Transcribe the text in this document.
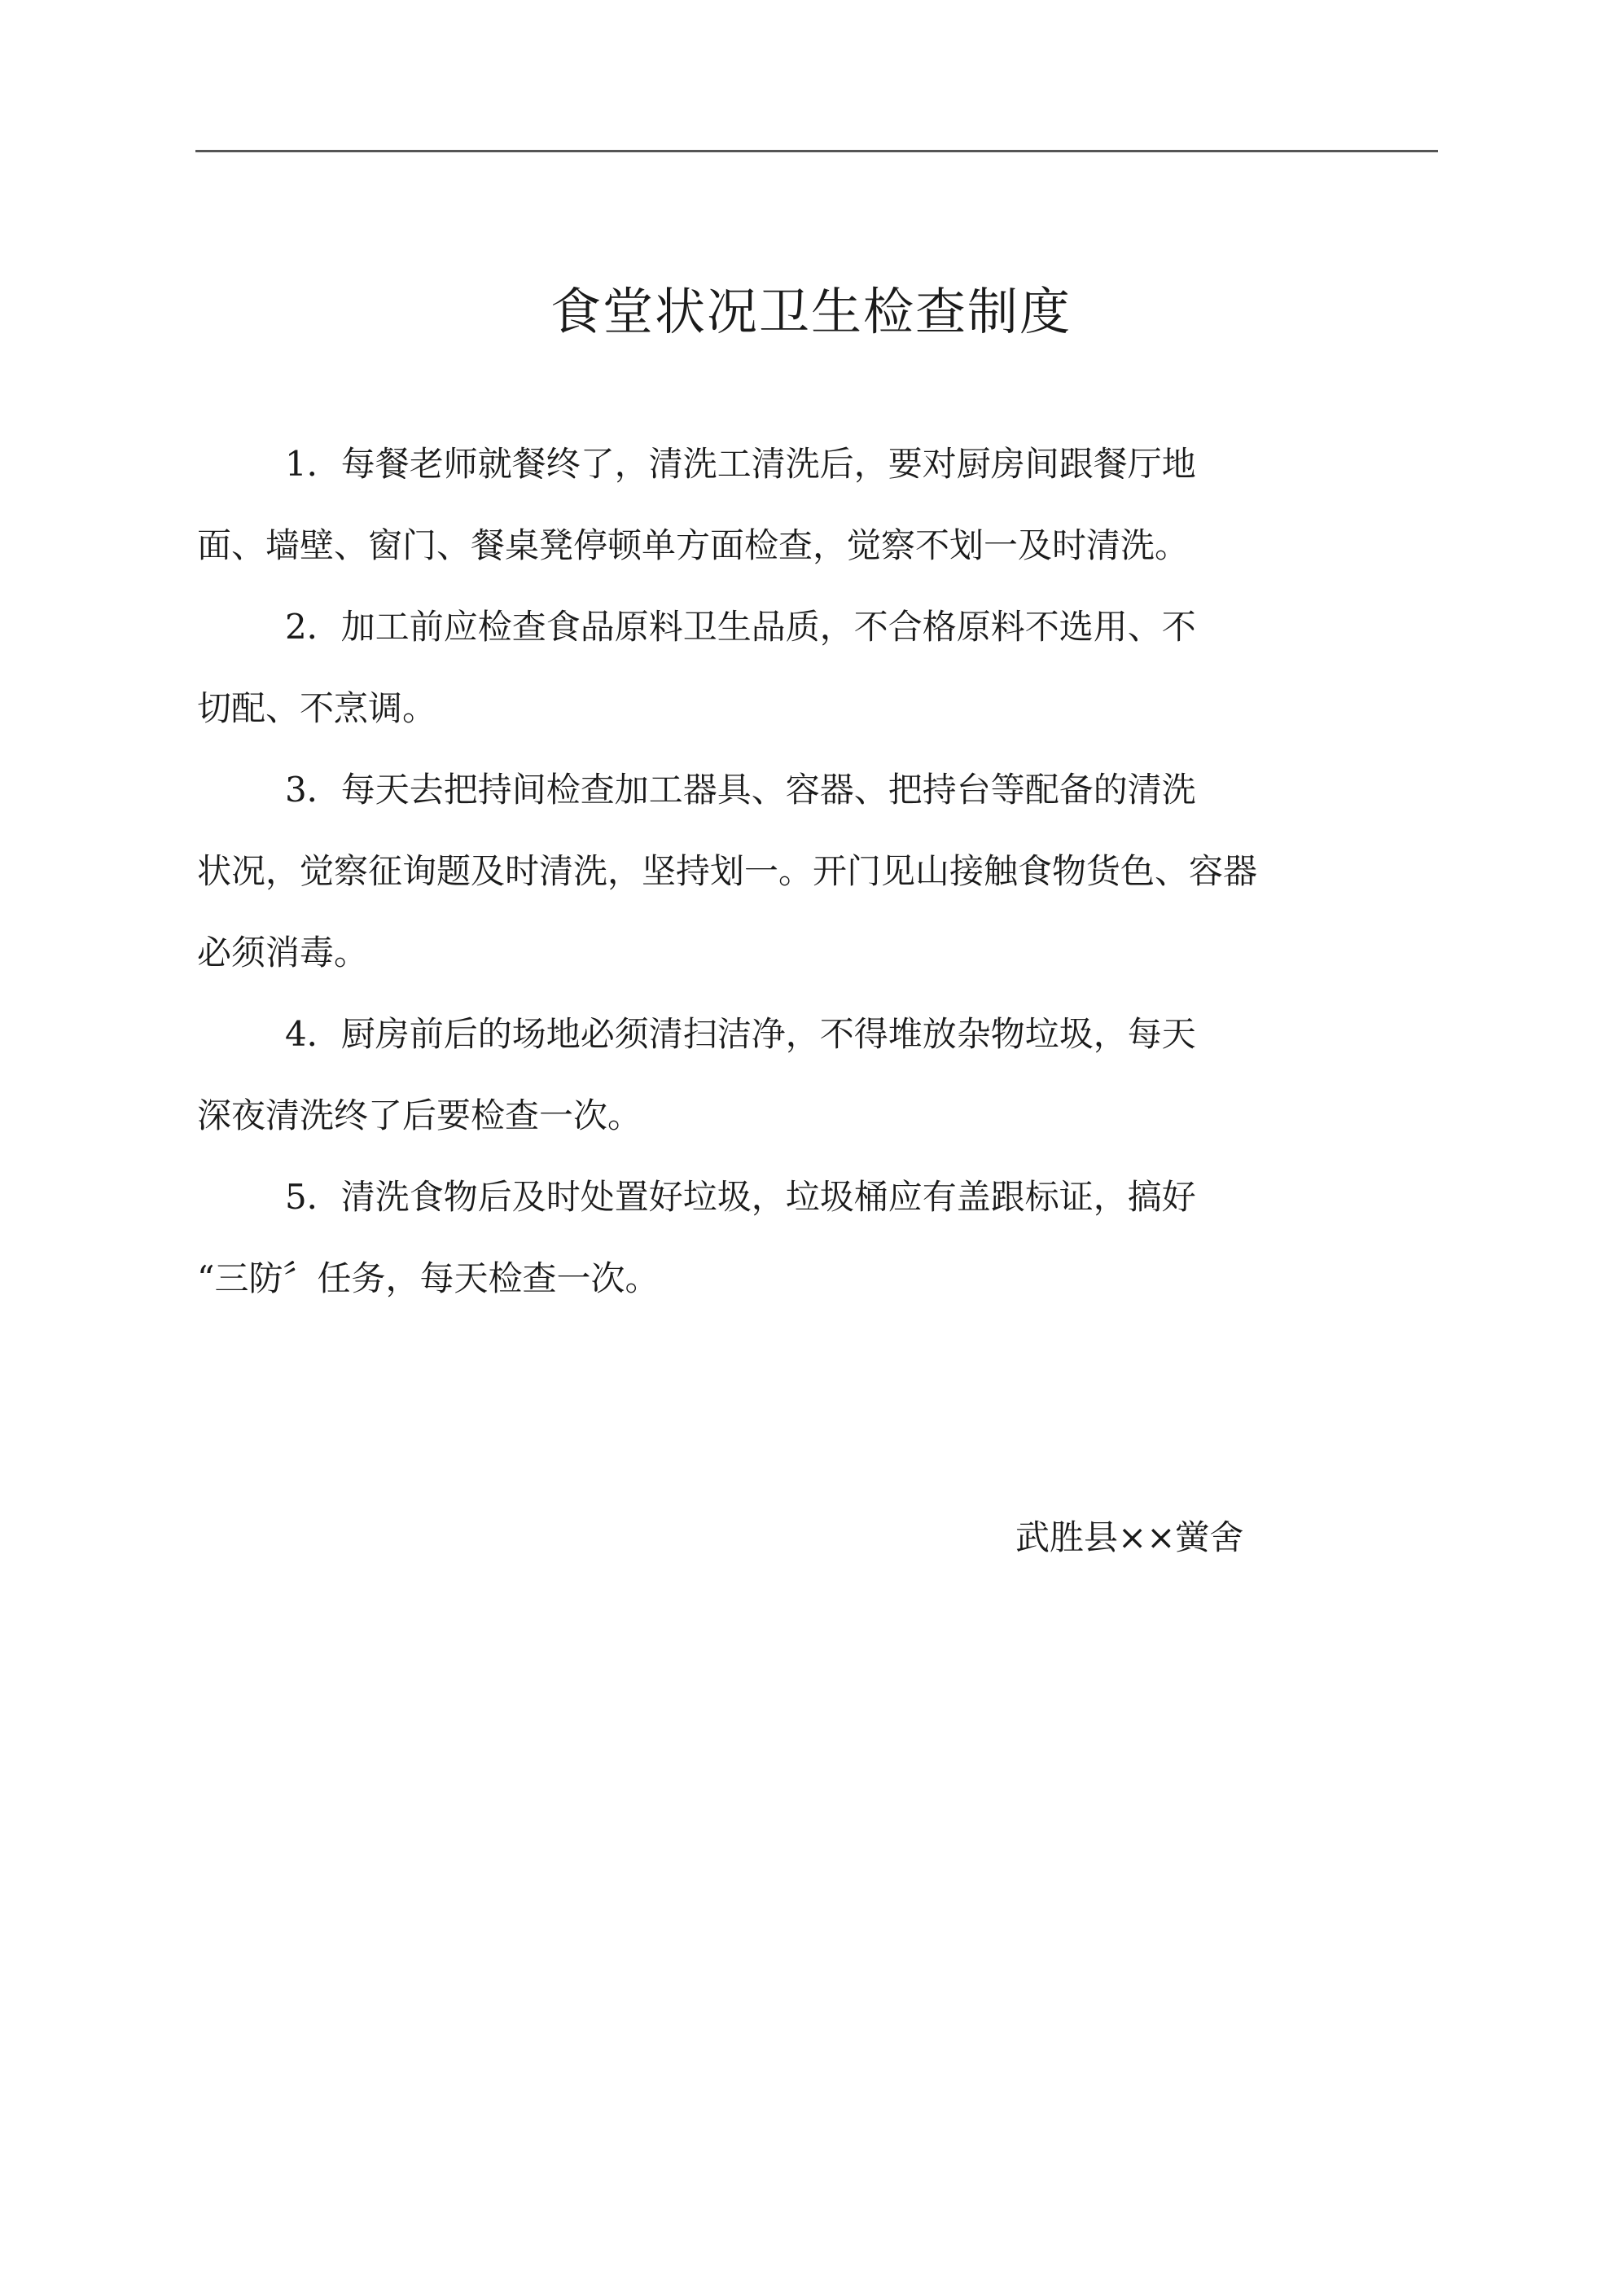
食堂状况卫生检查制度
1．每餐老师就餐终了，清洗工清洗后，要对厨房间跟餐厅地
面、墙壁、窗门、餐桌凳停顿单方面检查，觉察不划一及时清洗。
2．加工前应检查食品原料卫生品质，不合格原料不选用、不
切配、不烹调。
3．每天去把持间检查加工器具、容器、把持台等配备的清洗
状况，觉察征询题及时清洗，坚持划一。开门见山接触食物货色、容器
必须消毒。
4．厨房前后的场地必须清扫洁净，不得堆放杂物垃圾，每天
深夜清洗终了后要检查一次。
5．清洗食物后及时处置好垃圾，垃圾桶应有盖跟标证，搞好
“三防〞任务，每天检查一次。
武胜县××黉舍
